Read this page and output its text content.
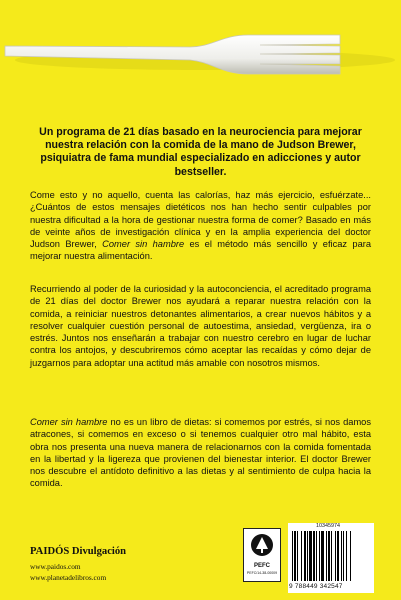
Un programa de 21 días basado en la neurociencia para mejorar nuestra relación con la comida de la mano de Judson Brewer, psiquiatra de fama mundial especializado en adicciones y autor bestseller.
Come esto y no aquello, cuenta las calorías, haz más ejercicio, esfuérzate... ¿Cuántos de estos mensajes dietéticos nos han hecho sentir culpables por nuestra dificultad a la hora de gestionar nuestra forma de comer? Basado en más de veinte años de investigación clínica y en la amplia experiencia del doctor Judson Brewer, Comer sin hambre es el método más sencillo y eficaz para mejorar nuestra alimentación.
Recurriendo al poder de la curiosidad y la autoconciencia, el acreditado programa de 21 días del doctor Brewer nos ayudará a reparar nuestra relación con la comida, a reiniciar nuestros detonantes alimentarios, a crear nuevos hábitos y a resolver cualquier cuestión personal de autoestima, ansiedad, vergüenza, ira o estrés. Juntos nos enseñarán a trabajar con nuestro cerebro en lugar de luchar contra los antojos, y descubriremos cómo aceptar las recaídas y cómo dejar de juzgarnos para adoptar una actitud más amable con nosotros mismos.
Comer sin hambre no es un libro de dietas: si comemos por estrés, si nos damos atracones, si comemos en exceso o si tenemos cualquier otro mal hábito, esta obra nos presenta una nueva manera de relacionarnos con la comida fomentada en la libertad y la ligereza que provienen del bienestar interior. El doctor Brewer nos descubre el antídoto definitivo a las dietas y al sentimiento de culpa hacia la comida.
PAIDÓS Divulgación
www.paidos.com
www.planetadelibros.com
PEFC
PEFC/14-38-00009
10345974
9 788449 342547
